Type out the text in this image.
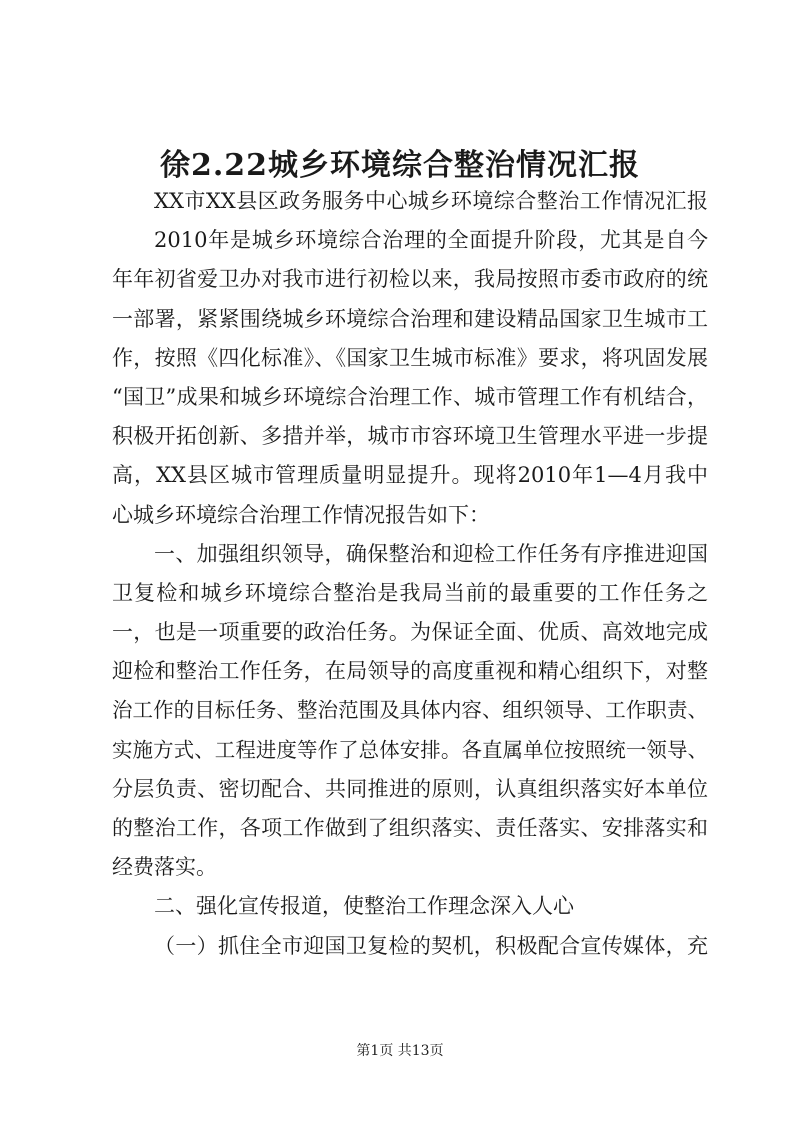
徐2.22城乡环境综合整治情况汇报
XX市XX县区政务服务中心城乡环境综合整治工作情况汇报
2010年是城乡环境综合治理的全面提升阶段，尤其是自今
年年初省爱卫办对我市进行初检以来，我局按照市委市政府的统
一部署，紧紧围绕城乡环境综合治理和建设精品国家卫生城市工
作，按照《四化标准》、《国家卫生城市标准》要求，将巩固发展
“国卫”成果和城乡环境综合治理工作、城市管理工作有机结合，
积极开拓创新、多措并举，城市市容环境卫生管理水平进一步提
高，XX县区城市管理质量明显提升。现将2010年1—4月我中
心城乡环境综合治理工作情况报告如下：
一、加强组织领导，确保整治和迎检工作任务有序推进迎国
卫复检和城乡环境综合整治是我局当前的最重要的工作任务之
一，也是一项重要的政治任务。为保证全面、优质、高效地完成
迎检和整治工作任务，在局领导的高度重视和精心组织下，对整
治工作的目标任务、整治范围及具体内容、组织领导、工作职责、
实施方式、工程进度等作了总体安排。各直属单位按照统一领导、
分层负责、密切配合、共同推进的原则，认真组织落实好本单位
的整治工作，各项工作做到了组织落实、责任落实、安排落实和
经费落实。
二、强化宣传报道，使整治工作理念深入人心
（一）抓住全市迎国卫复检的契机，积极配合宣传媒体，充
第1页 共13页
